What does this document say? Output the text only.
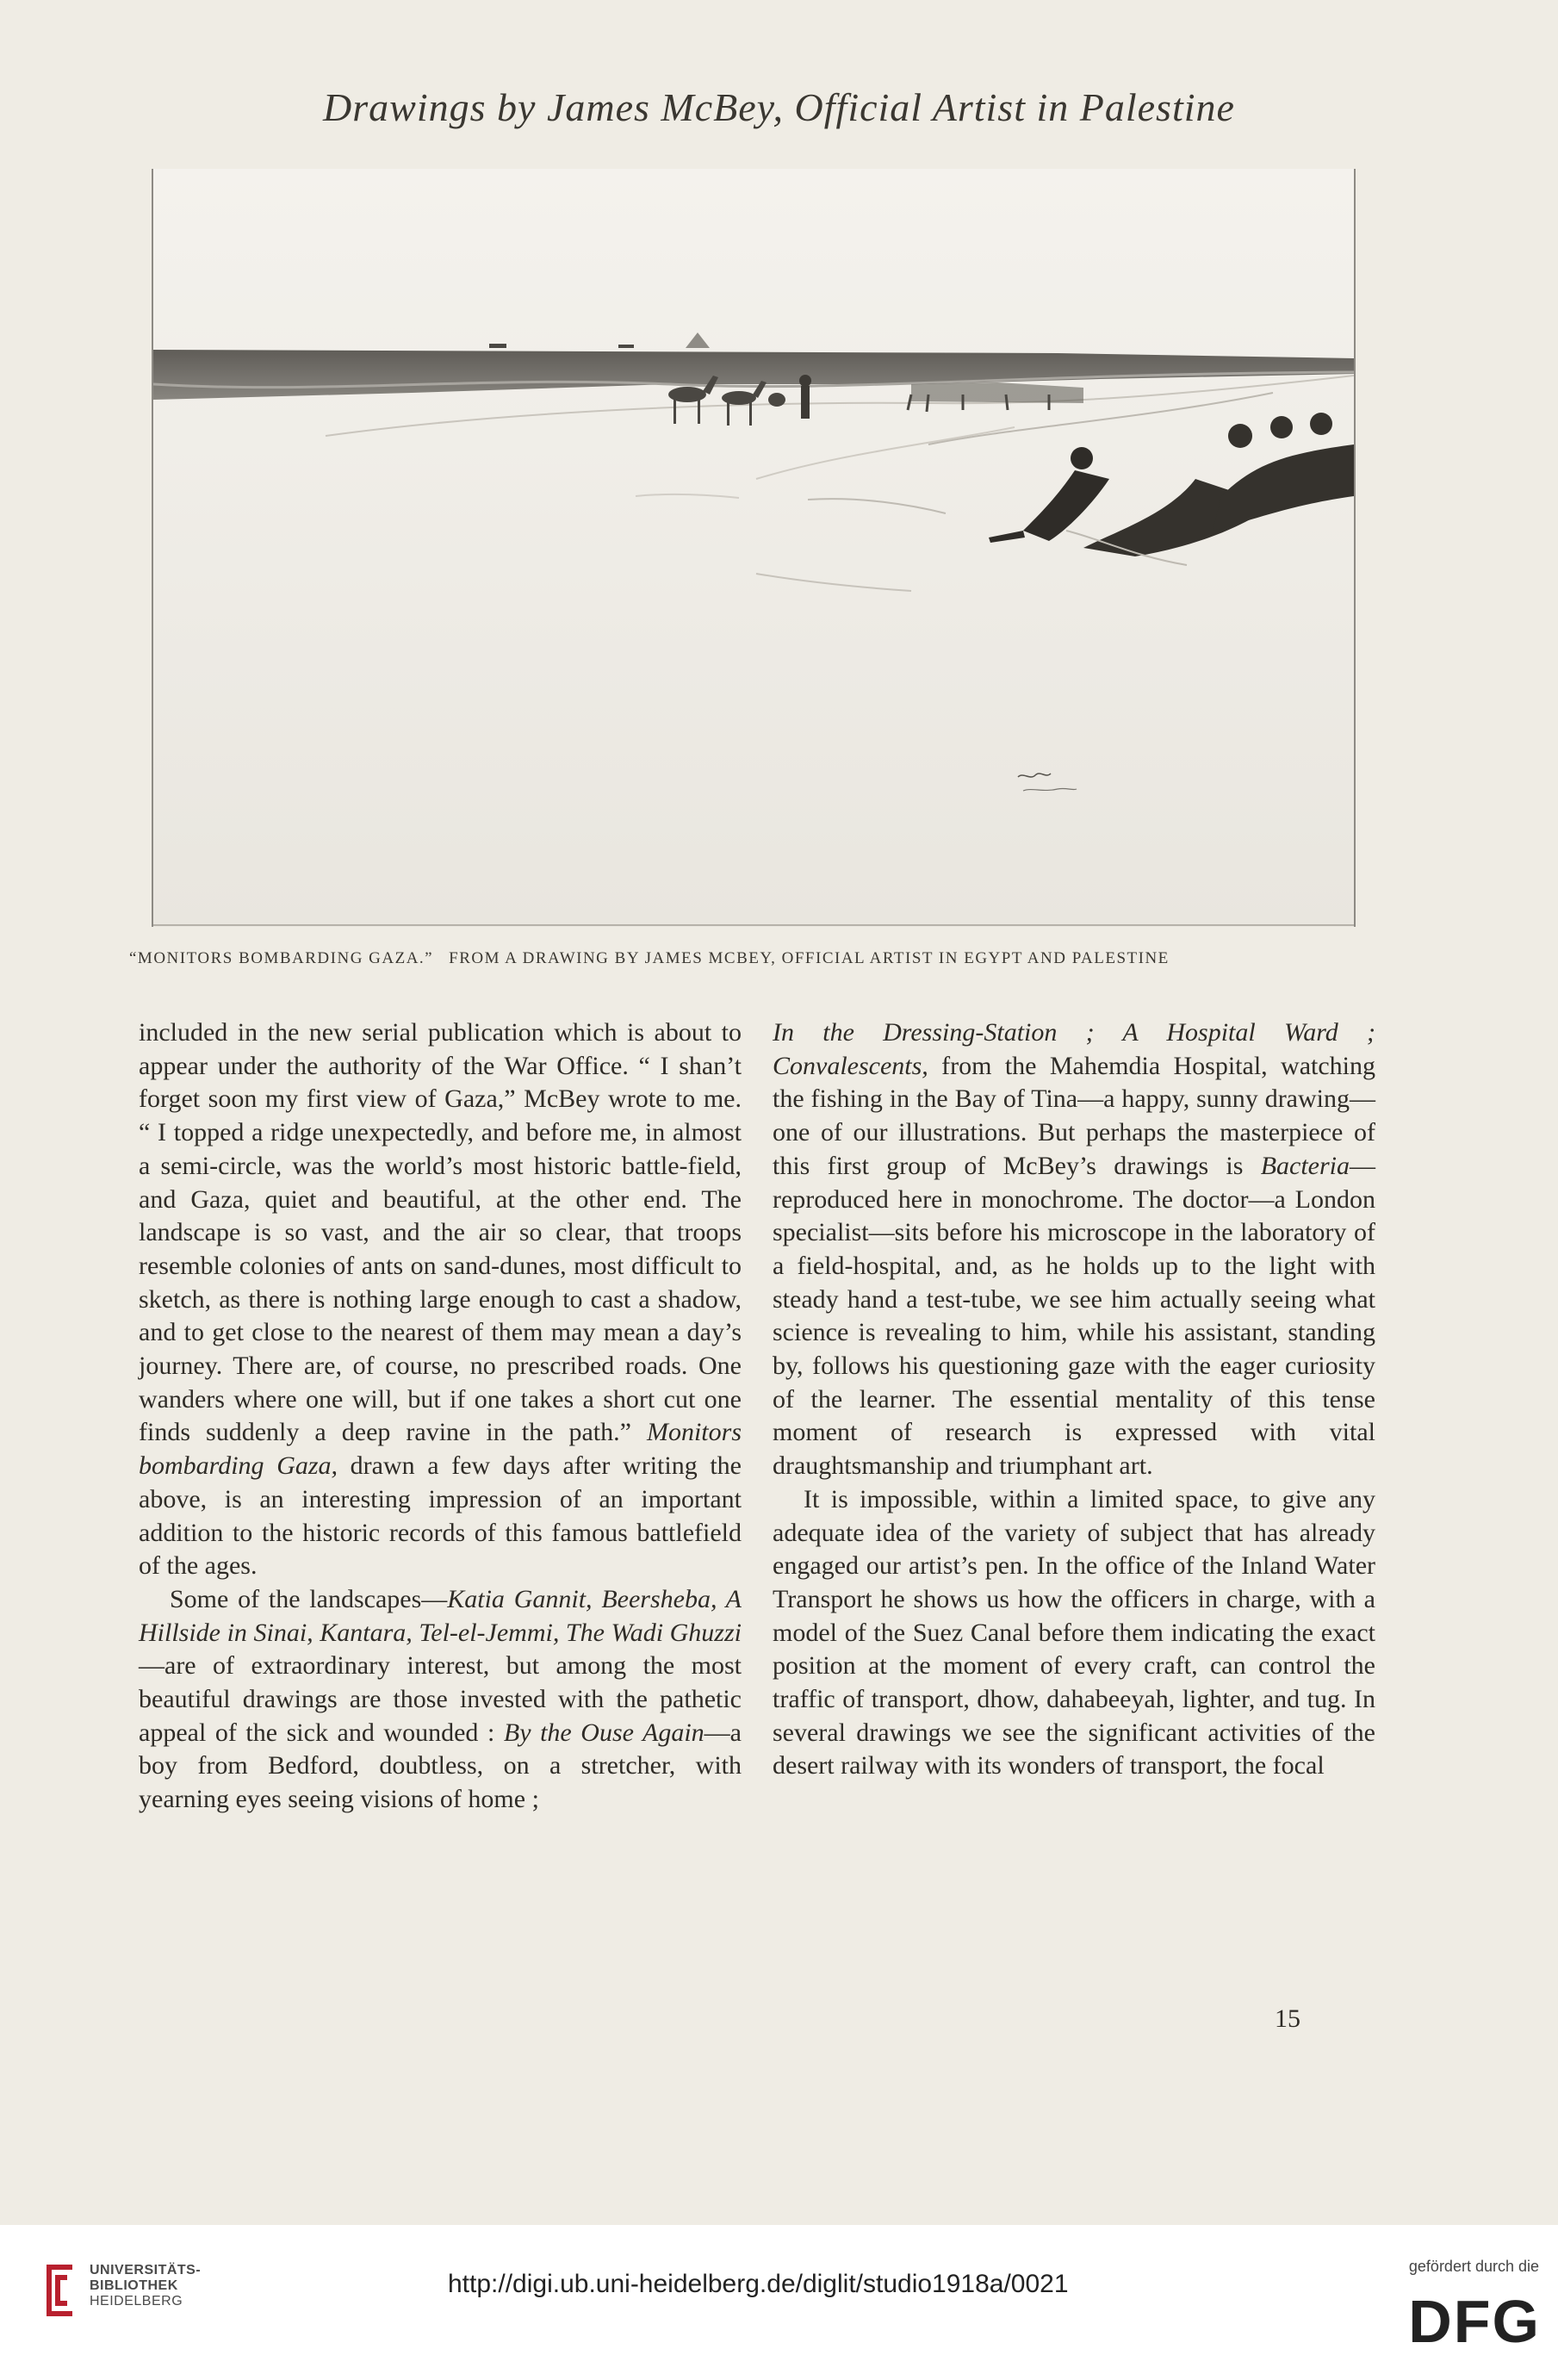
Drawings by James McBey, Official Artist in Palestine
“MONITORS BOMBARDING GAZA.” FROM A DRAWING BY JAMES MCBEY, OFFICIAL ARTIST IN EGYPT AND PALESTINE

included in the new serial publication which is about to appear under the authority of the War Office. “ I shan’t forget soon my first view of Gaza,” McBey wrote to me. “ I topped a ridge unexpectedly, and before me, in almost a semi-circle, was the world’s most historic battle-field, and Gaza, quiet and beautiful, at the other end. The landscape is so vast, and the air so clear, that troops resemble colonies of ants on sand-dunes, most difficult to sketch, as there is nothing large enough to cast a shadow, and to get close to the nearest of them may mean a day’s journey. There are, of course, no prescribed roads. One wanders where one will, but if one takes a short cut one finds suddenly a deep ravine in the path.” Monitors bombarding Gaza, drawn a few days after writing the above, is an interesting impression of an important addition to the historic records of this famous battlefield of the ages.

Some of the landscapes—Katia Gannit, Beersheba, A Hillside in Sinai, Kantara, Tel-el-Jemmi, The Wadi Ghuzzi—are of extraordinary interest, but among the most beautiful drawings are those invested with the pathetic appeal of the sick and wounded : By the Ouse Again—a boy from Bedford, doubtless, on a stretcher, with yearning eyes seeing visions of home ;

In the Dressing-Station ; A Hospital Ward ; Convalescents, from the Mahemdia Hospital, watching the fishing in the Bay of Tina—a happy, sunny drawing—one of our illustrations. But perhaps the masterpiece of this first group of McBey’s drawings is Bacteria—reproduced here in monochrome. The doctor—a London specialist—sits before his microscope in the laboratory of a field-hospital, and, as he holds up to the light with steady hand a test-tube, we see him actually seeing what science is revealing to him, while his assistant, standing by, follows his questioning gaze with the eager curiosity of the learner. The essential mentality of this tense moment of research is expressed with vital draughtsmanship and triumphant art.

It is impossible, within a limited space, to give any adequate idea of the variety of subject that has already engaged our artist’s pen. In the office of the Inland Water Transport he shows us how the officers in charge, with a model of the Suez Canal before them indicating the exact position at the moment of every craft, can control the traffic of transport, dhow, dahabeeyah, lighter, and tug. In several drawings we see the significant activities of the desert railway with its wonders of transport, the focal

15
UNIVERSITÄTS-
BIBLIOTHEK
HEIDELBERG
http://digi.ub.uni-heidelberg.de/diglit/studio1918a/0021
gefördert durch die
DFG
